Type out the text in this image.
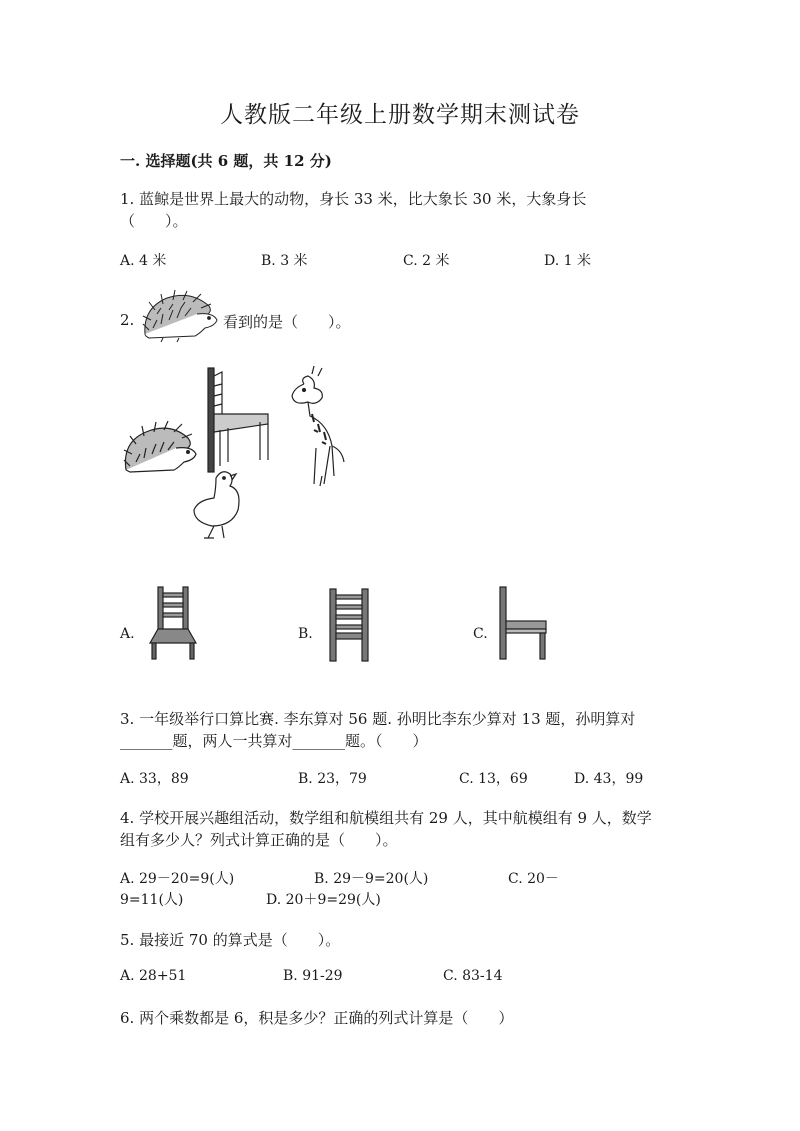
人教版二年级上册数学期末测试卷
一. 选择题(共 6 题，共 12 分)
1. 蓝鲸是世界上最大的动物，身长 33 米，比大象长 30 米，大象身长
（　　）。
A. 4 米	B. 3 米	C. 2 米	D. 1 米
2.	看到的是（　　）。
A.	B.	C.
3. 一年级举行口算比赛. 李东算对 56 题. 孙明比李东少算对 13 题，孙明算对
_______题，两人一共算对_______题。（　　）
A. 33，89	B. 23，79	C. 13，69	D. 43，99
4. 学校开展兴趣组活动，数学组和航模组共有 29 人，其中航模组有 9 人，数学
组有多少人？列式计算正确的是（　　）。
A. 29－20=9(人)	B. 29－9=20(人)	C. 20－
9=11(人)	D. 20＋9=29(人)
5. 最接近 70 的算式是（　　）。
A. 28+51	B. 91-29	C. 83-14
6. 两个乘数都是 6，积是多少？正确的列式计算是（　　）
